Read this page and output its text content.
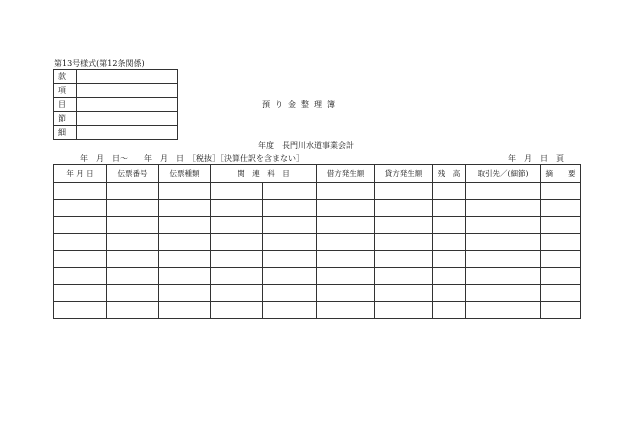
第13号様式(第12条関係)
款	
項	
目	
節	
細	
預り金整理簿
年度　長門川水道事業会計
年　月　日〜　　年　月　日　［税抜］［決算仕訳を含まない］	年　月　日　頁
年 月 日	伝票番号	伝票種類	関　連　科　目		借方発生額	貸方発生額	残　高	取引先／(細節)	摘　　要
